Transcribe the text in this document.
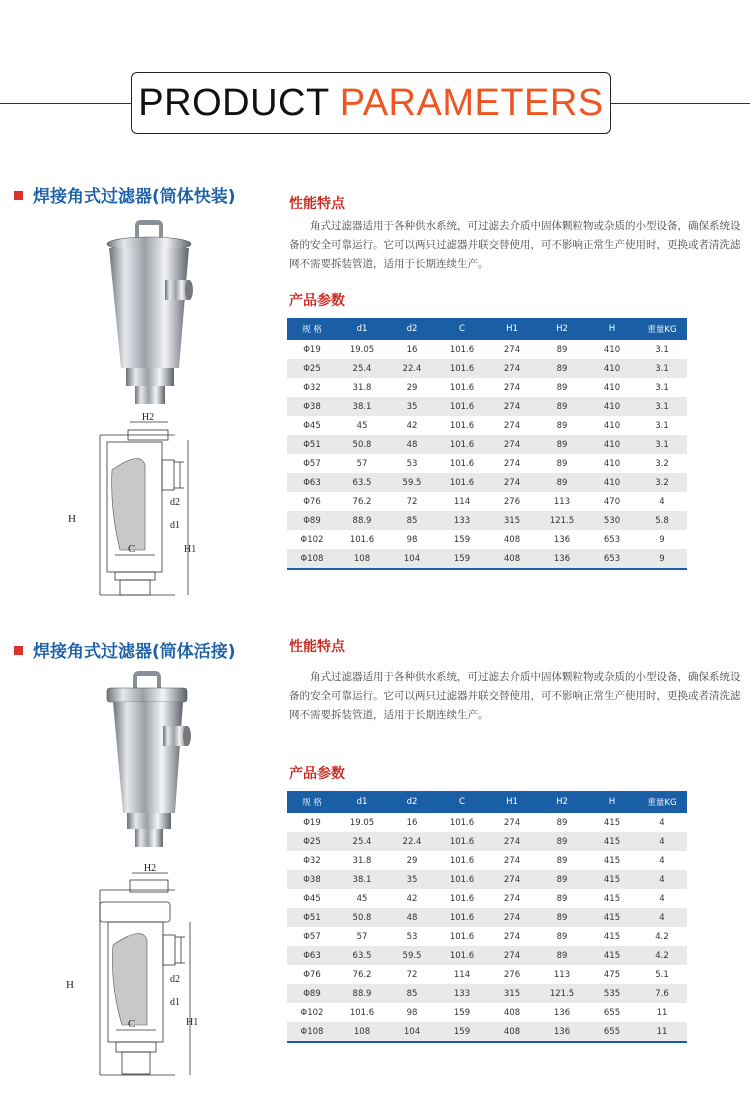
PRODUCT PARAMETERS
焊接角式过滤器(筒体快装)
H2
H
d2
d1
C	H1
性能特点
角式过滤器适用于各种供水系统，可过滤去介质中固体颗粒物或杂质的小型设备，确保系统设备的安全可靠运行。它可以两只过滤器并联交替使用，可不影响正常生产使用时，更换或者清洗滤网不需要拆装管道，适用于长期连续生产。
产品参数
规 格	d1	d2	C	H1	H2	H	重量KG
Φ19	19.05	16	101.6	274	89	410	3.1
Φ25	25.4	22.4	101.6	274	89	410	3.1
Φ32	31.8	29	101.6	274	89	410	3.1
Φ38	38.1	35	101.6	274	89	410	3.1
Φ45	45	42	101.6	274	89	410	3.1
Φ51	50.8	48	101.6	274	89	410	3.1
Φ57	57	53	101.6	274	89	410	3.2
Φ63	63.5	59.5	101.6	274	89	410	3.2
Φ76	76.2	72	114	276	113	470	4
Φ89	88.9	85	133	315	121.5	530	5.8
Φ102	101.6	98	159	408	136	653	9
Φ108	108	104	159	408	136	653	9
焊接角式过滤器(筒体活接)
H2
H	d2
d1
C	H1
性能特点
角式过滤器适用于各种供水系统，可过滤去介质中固体颗粒物或杂质的小型设备，确保系统设备的安全可靠运行。它可以两只过滤器并联交替使用，可不影响正常生产使用时，更换或者清洗滤网不需要拆装管道，适用于长期连续生产。
产品参数
规 格	d1	d2	C	H1	H2	H	重量KG
Φ19	19.05	16	101.6	274	89	415	4
Φ25	25.4	22.4	101.6	274	89	415	4
Φ32	31.8	29	101.6	274	89	415	4
Φ38	38.1	35	101.6	274	89	415	4
Φ45	45	42	101.6	274	89	415	4
Φ51	50.8	48	101.6	274	89	415	4
Φ57	57	53	101.6	274	89	415	4.2
Φ63	63.5	59.5	101.6	274	89	415	4.2
Φ76	76.2	72	114	276	113	475	5.1
Φ89	88.9	85	133	315	121.5	535	7.6
Φ102	101.6	98	159	408	136	655	11
Φ108	108	104	159	408	136	655	11
